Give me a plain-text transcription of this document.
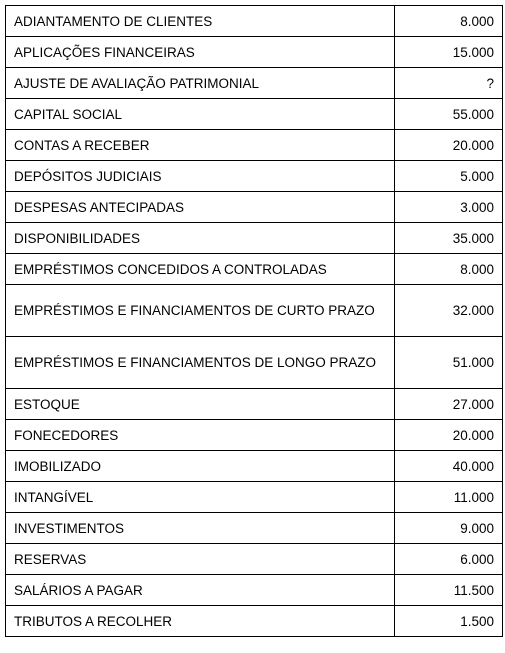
ADIANTAMENTO DE CLIENTES	8.000
APLICAÇÕES FINANCEIRAS	15.000
AJUSTE DE AVALIAÇÃO PATRIMONIAL	?
CAPITAL SOCIAL	55.000
CONTAS A RECEBER	20.000
DEPÓSITOS JUDICIAIS	5.000
DESPESAS ANTECIPADAS	3.000
DISPONIBILIDADES	35.000
EMPRÉSTIMOS CONCEDIDOS A CONTROLADAS	8.000
EMPRÉSTIMOS E FINANCIAMENTOS DE CURTO PRAZO	32.000
EMPRÉSTIMOS E FINANCIAMENTOS DE LONGO PRAZO	51.000
ESTOQUE	27.000
FONECEDORES	20.000
IMOBILIZADO	40.000
INTANGÍVEL	11.000
INVESTIMENTOS	9.000
RESERVAS	6.000
SALÁRIOS A PAGAR	11.500
TRIBUTOS A RECOLHER	1.500
